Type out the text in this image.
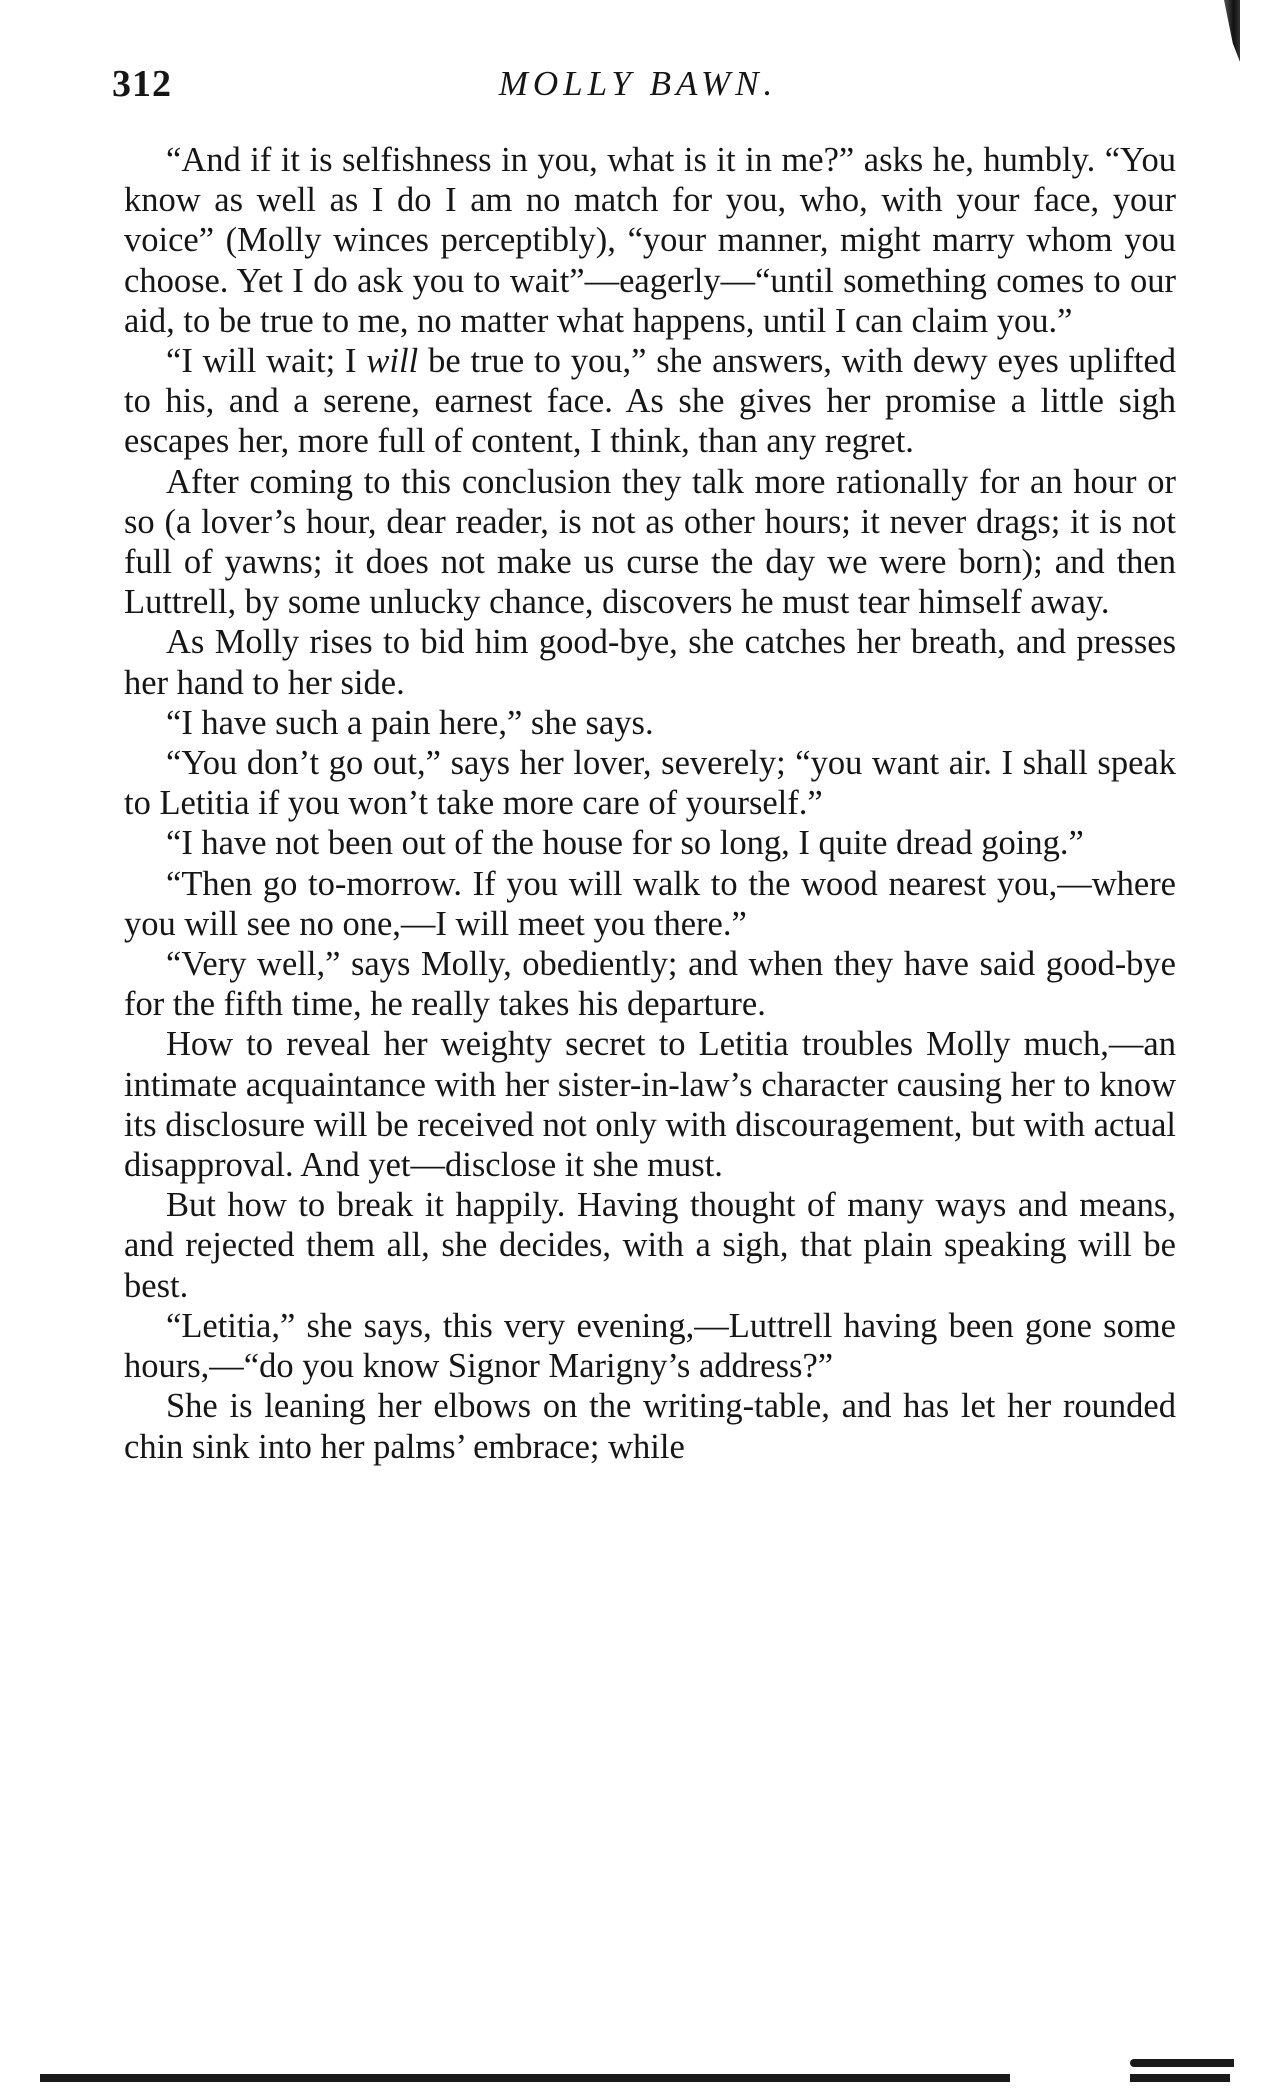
312	MOLLY BAWN.

“And if it is selfishness in you, what is it in me?” asks he, humbly. “You know as well as I do I am no match for you, who, with your face, your voice” (Molly winces perceptibly), “your manner, might marry whom you choose. Yet I do ask you to wait”—eagerly—“until something comes to our aid, to be true to me, no matter what happens, until I can claim you.”

“I will wait; I will be true to you,” she answers, with dewy eyes uplifted to his, and a serene, earnest face. As she gives her promise a little sigh escapes her, more full of content, I think, than any regret.

After coming to this conclusion they talk more rationally for an hour or so (a lover’s hour, dear reader, is not as other hours; it never drags; it is not full of yawns; it does not make us curse the day we were born); and then Luttrell, by some unlucky chance, discovers he must tear himself away.

As Molly rises to bid him good-bye, she catches her breath, and presses her hand to her side.

“I have such a pain here,” she says.

“You don’t go out,” says her lover, severely; “you want air. I shall speak to Letitia if you won’t take more care of yourself.”

“I have not been out of the house for so long, I quite dread going.”

“Then go to-morrow. If you will walk to the wood nearest you,—where you will see no one,—I will meet you there.”

“Very well,” says Molly, obediently; and when they have said good-bye for the fifth time, he really takes his departure.

How to reveal her weighty secret to Letitia troubles Molly much,—an intimate acquaintance with her sister-in-law’s character causing her to know its disclosure will be received not only with discouragement, but with actual disapproval. And yet—disclose it she must.

But how to break it happily. Having thought of many ways and means, and rejected them all, she decides, with a sigh, that plain speaking will be best.

“Letitia,” she says, this very evening,—Luttrell having been gone some hours,—“do you know Signor Marigny’s address?”

She is leaning her elbows on the writing-table, and has let her rounded chin sink into her palms’ embrace; while
